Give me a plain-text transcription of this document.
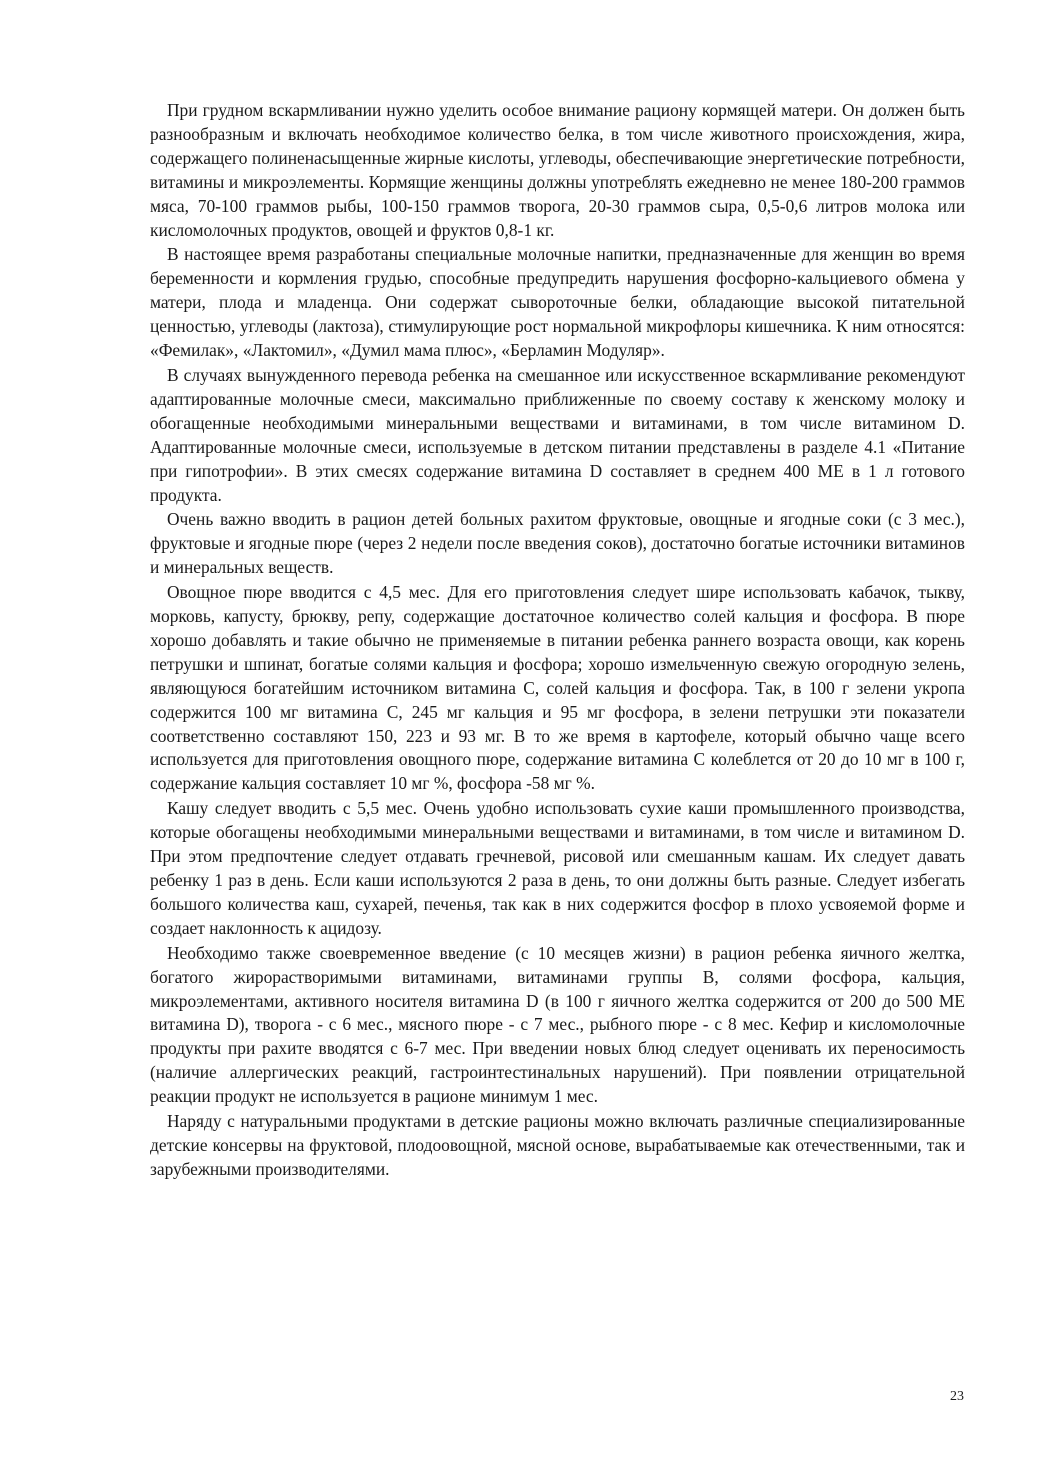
При грудном вскармливании нужно уделить особое внимание рациону кормящей матери. Он должен быть разнообразным и включать необходимое количество белка, в том числе животного происхождения, жира, содержащего полиненасыщенные жирные кислоты, углеводы, обеспечивающие энергетические потребности, витамины и микроэлементы. Кормящие женщины должны употреблять ежедневно не менее 180-200 граммов мяса, 70-100 граммов рыбы, 100-150 граммов творога, 20-30 граммов сыра, 0,5-0,6 литров молока или кисломолочных продуктов, овощей и фруктов 0,8-1 кг.

В настоящее время разработаны специальные молочные напитки, предназначенные для женщин во время беременности и кормления грудью, способные предупредить нарушения фосфорно-кальциевого обмена у матери, плода и младенца. Они содержат сывороточные белки, обладающие высокой питательной ценностью, углеводы (лактоза), стимулирующие рост нормальной микрофлоры кишечника. К ним относятся: «Фемилак», «Лактомил», «Думил мама плюс», «Берламин Модуляр».

В случаях вынужденного перевода ребенка на смешанное или искусственное вскармливание рекомендуют адаптированные молочные смеси, максимально приближенные по своему составу к женскому молоку и обогащенные необходимыми минеральными веществами и витаминами, в том числе витамином D. Адаптированные молочные смеси, используемые в детском питании представлены в разделе 4.1 «Питание при гипотрофии». В этих смесях содержание витамина D составляет в среднем 400 МЕ в 1 л готового продукта.

Очень важно вводить в рацион детей больных рахитом фруктовые, овощные и ягодные соки (с 3 мес.), фруктовые и ягодные пюре (через 2 недели после введения соков), достаточно богатые источники витаминов и минеральных веществ.

Овощное пюре вводится с 4,5 мес. Для его приготовления следует шире использовать кабачок, тыкву, морковь, капусту, брюкву, репу, содержащие достаточное количество солей кальция и фосфора. В пюре хорошо добавлять и такие обычно не применяемые в питании ребенка раннего возраста овощи, как корень петрушки и шпинат, богатые солями кальция и фосфора; хорошо измельченную свежую огородную зелень, являющуюся богатейшим источником витамина С, солей кальция и фосфора. Так, в 100 г зелени укропа содержится 100 мг витамина С, 245 мг кальция и 95 мг фосфора, в зелени петрушки эти показатели соответственно составляют 150, 223 и 93 мг. В то же время в картофеле, который обычно чаще всего используется для приготовления овощного пюре, содержание витамина С колеблется от 20 до 10 мг в 100 г, содержание кальция составляет 10 мг %, фосфора -58 мг %.

Кашу следует вводить с 5,5 мес. Очень удобно использовать сухие каши промышленного производства, которые обогащены необходимыми минеральными веществами и витаминами, в том числе и витамином D. При этом предпочтение следует отдавать гречневой, рисовой или смешанным кашам. Их следует давать ребенку 1 раз в день. Если каши используются 2 раза в день, то они должны быть разные. Следует избегать большого количества каш, сухарей, печенья, так как в них содержится фосфор в плохо усвояемой форме и создает наклонность к ацидозу.

Необходимо также своевременное введение (с 10 месяцев жизни) в рацион ребенка яичного желтка, богатого жирорастворимыми витаминами, витаминами группы В, солями фосфора, кальция, микроэлементами, активного носителя витамина D (в 100 г яичного желтка содержится от 200 до 500 МЕ витамина D), творога - с 6 мес., мясного пюре - с 7 мес., рыбного пюре - с 8 мес. Кефир и кисломолочные продукты при рахите вводятся с 6-7 мес. При введении новых блюд следует оценивать их переносимость (наличие аллергических реакций, гастроинтестинальных нарушений). При появлении отрицательной реакции продукт не используется в рационе минимум 1 мес.

Наряду с натуральными продуктами в детские рационы можно включать различные специализированные детские консервы на фруктовой, плодоовощной, мясной основе, вырабатываемые как отечественными, так и зарубежными производителями.

23
